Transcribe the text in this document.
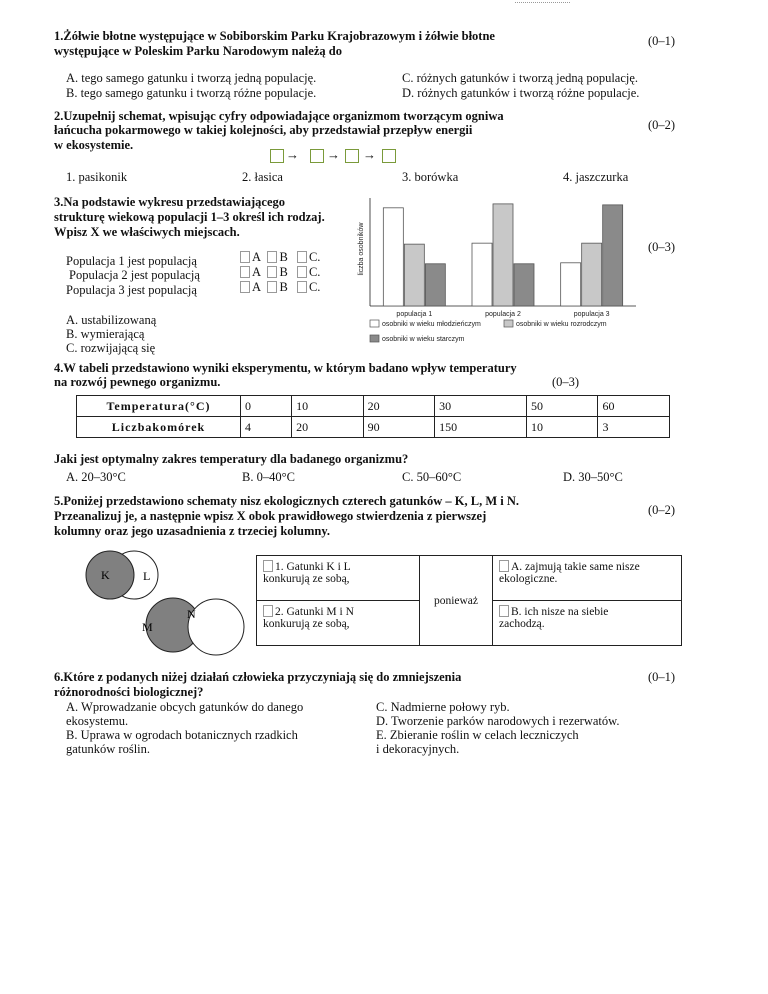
1.Żółwie błotne występujące w Sobiborskim Parku Krajobrazowym i żółwie błotne
występujące w Poleskim Parku Narodowym należą do
(0–1)
A. tego samego gatunku i tworzą jedną populację.
B. tego samego gatunku i tworzą różne populacje.
C. różnych gatunków i tworzą jedną populację.
D. różnych gatunków i tworzą różne populacje.
2.Uzupełnij schemat, wpisując cyfry odpowiadające organizmom tworzącym ogniwa
łańcucha pokarmowego w takiej kolejności, aby przedstawiał przepływ energii
w ekosystemie.
(0–2)
→ → →
1. pasikonik	2. łasica	3. borówka	4. jaszczurka
3.Na podstawie wykresu przedstawiającego
strukturę wiekową populacji 1–3 określ ich rodzaj.
Wpisz X we właściwych miejscach.
(0–3)
Populacja 1 jest populacją	A B C.
Populacja 2 jest populacją	A B C.
Populacja 3 jest populacją	A B C.
A. ustabilizowaną
B. wymierającą
C. rozwijającą się
liczba osobników
populacja 1	populacja 2	populacja 3
osobniki w wieku młodzieńczym	osobniki w wieku rozrodczym
osobniki w wieku starczym
4.W tabeli przedstawiono wyniki eksperymentu, w którym badano wpływ temperatury
na rozwój pewnego organizmu.	(0–3)
Temperatura(°C)	0	10	20	30	50	60
Liczbakomórek	4	20	90	150	10	3
Jaki jest optymalny zakres temperatury dla badanego organizmu?
A. 20–30°C	B. 0–40°C	C. 50–60°C	D. 30–50°C
5.Poniżej przedstawiono schematy nisz ekologicznych czterech gatunków – K, L, M i N.
Przeanalizuj je, a następnie wpisz X obok prawidłowego stwierdzenia z pierwszej
kolumny oraz jego uzasadnienia z trzeciej kolumny.
(0–2)
K	L
M
N
1. Gatunki K i L
konkurują ze sobą,	ponieważ	A. zajmują takie same nisze
ekologiczne.
2. Gatunki M i N
konkurują ze sobą,		B. ich nisze na siebie
zachodzą.
6.Które z podanych niżej działań człowieka przyczyniają się do zmniejszenia
różnorodności biologicznej?
(0–1)
A. Wprowadzanie obcych gatunków do danego
ekosystemu.
B. Uprawa w ogrodach botanicznych rzadkich
gatunków roślin.
C. Nadmierne połowy ryb.
D. Tworzenie parków narodowych i rezerwatów.
E. Zbieranie roślin w celach leczniczych
i dekoracyjnych.
